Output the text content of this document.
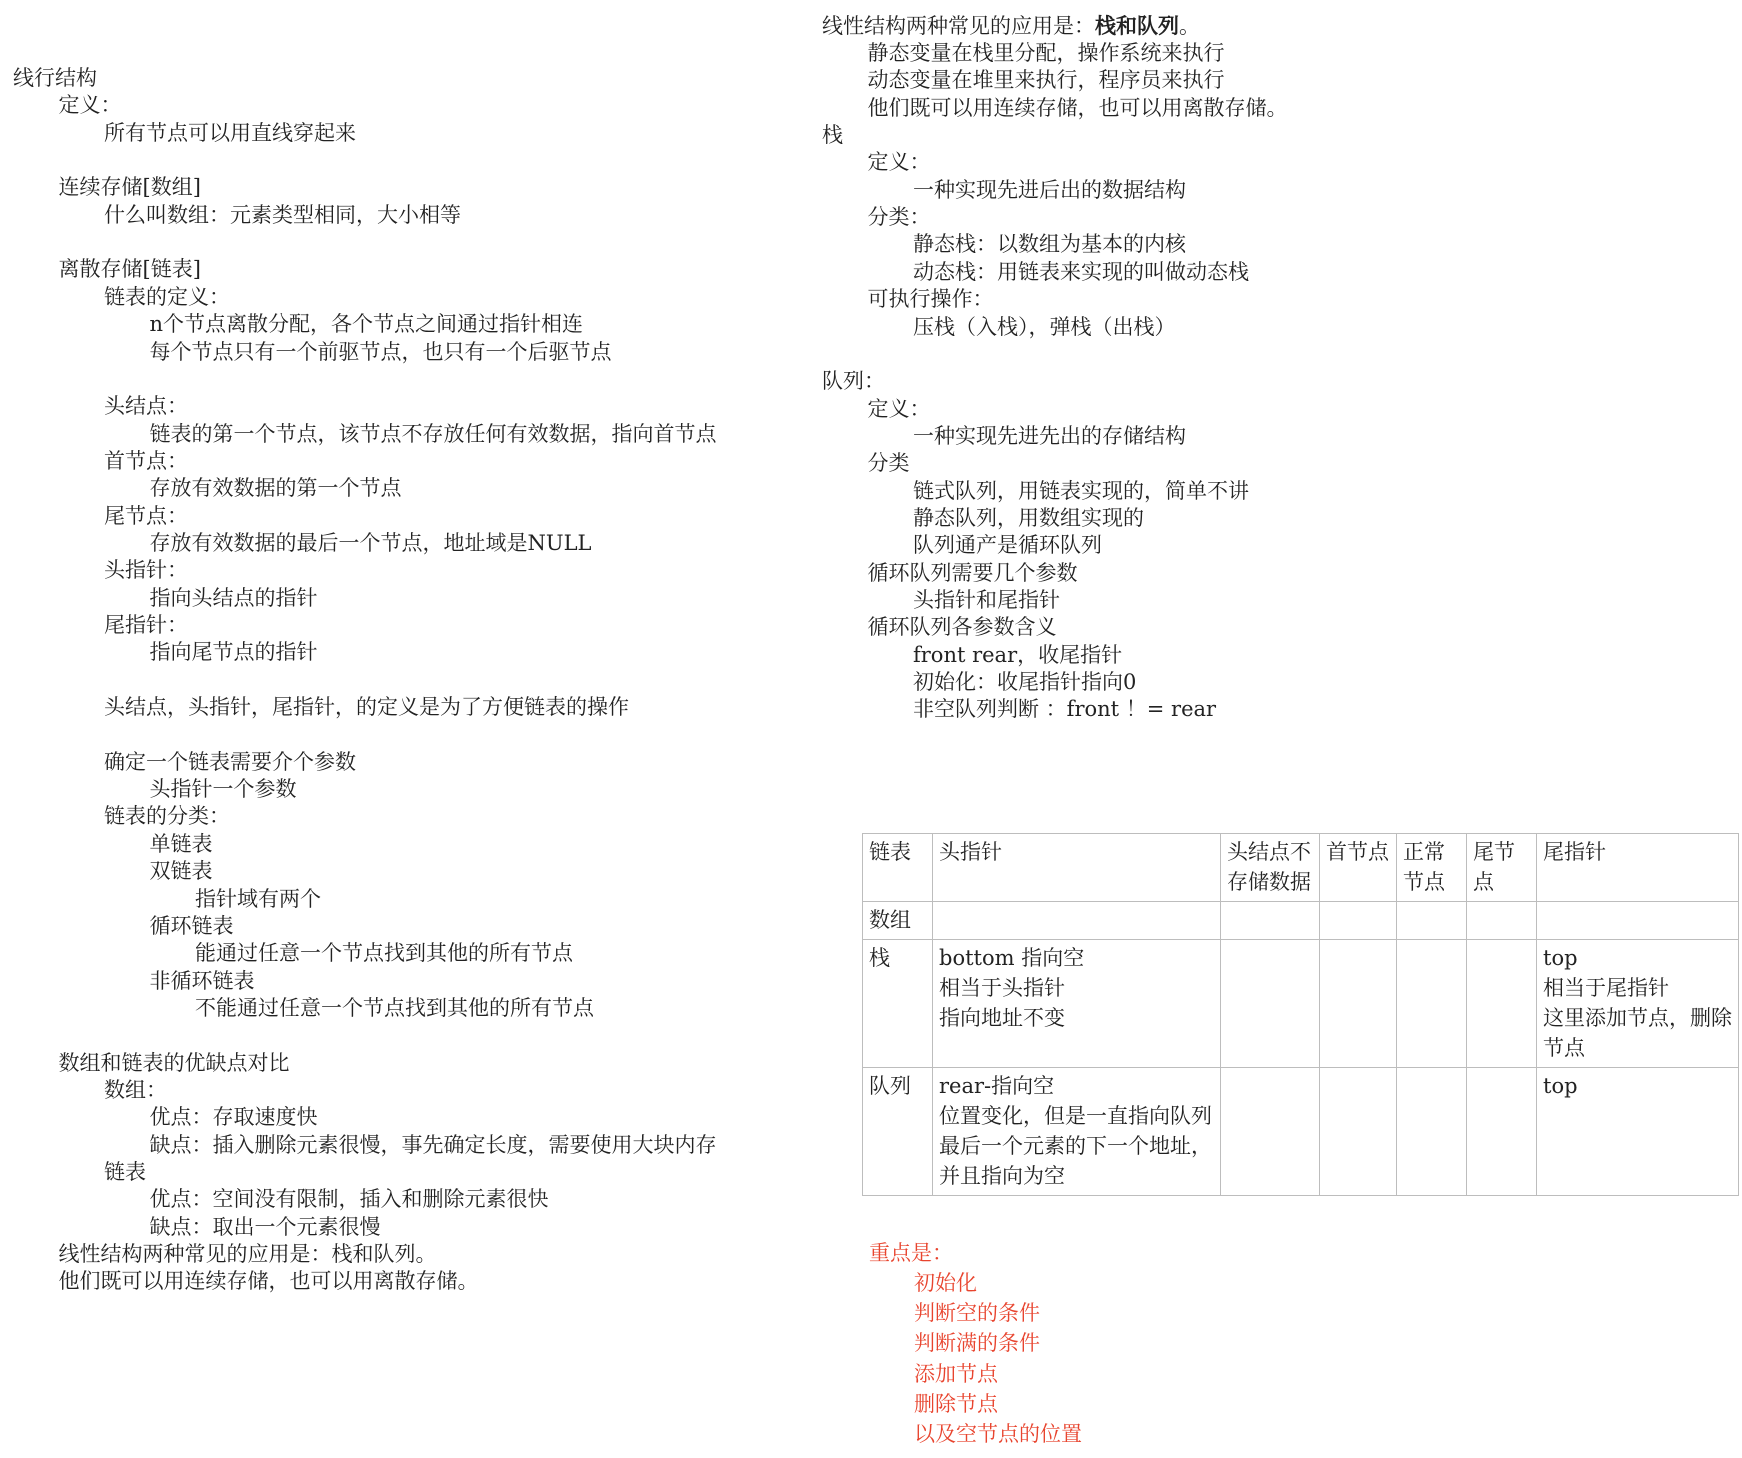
线行结构
定义：
所有节点可以用直线穿起来
连续存储[数组]
什么叫数组：元素类型相同，大小相等
离散存储[链表]
链表的定义：
n个节点离散分配，各个节点之间通过指针相连
每个节点只有一个前驱节点，也只有一个后驱节点
头结点：
链表的第一个节点，该节点不存放任何有效数据，指向首节点
首节点：
存放有效数据的第一个节点
尾节点：
存放有效数据的最后一个节点，地址域是NULL
头指针：
指向头结点的指针
尾指针：
指向尾节点的指针
头结点，头指针，尾指针，的定义是为了方便链表的操作
确定一个链表需要介个参数
头指针一个参数
链表的分类：
单链表
双链表
指针域有两个
循环链表
能通过任意一个节点找到其他的所有节点
非循环链表
不能通过任意一个节点找到其他的所有节点
数组和链表的优缺点对比
数组：
优点：存取速度快
缺点：插入删除元素很慢，事先确定长度，需要使用大块内存
链表
优点：空间没有限制，插入和删除元素很快
缺点：取出一个元素很慢
线性结构两种常见的应用是：栈和队列。
他们既可以用连续存储，也可以用离散存储。
线性结构两种常见的应用是：栈和队列。
静态变量在栈里分配，操作系统来执行
动态变量在堆里来执行，程序员来执行
他们既可以用连续存储，也可以用离散存储。
栈
定义：
一种实现先进后出的数据结构
分类：
静态栈：以数组为基本的内核
动态栈：用链表来实现的叫做动态栈
可执行操作：
压栈（入栈），弹栈（出栈）
队列：
定义：
一种实现先进先出的存储结构
分类
链式队列，用链表实现的，简单不讲
静态队列，用数组实现的
队列通产是循环队列
循环队列需要几个参数
头指针和尾指针
循环队列各参数含义
front rear，收尾指针
初始化：收尾指针指向0
非空队列判断 ：front ！= rear
链表	头指针	头结点不存储数据	首节点	正常节点	尾节点	尾指针

数组						

栈	bottom 指向空
相当于头指针
指向地址不变					top
相当于尾指针
这里添加节点，删除节点

队列	rear-指向空
位置变化，但是一直指向队列最后一个元素的下一个地址，并且指向为空					top
重点是：
初始化
判断空的条件
判断满的条件
添加节点
删除节点
以及空节点的位置
